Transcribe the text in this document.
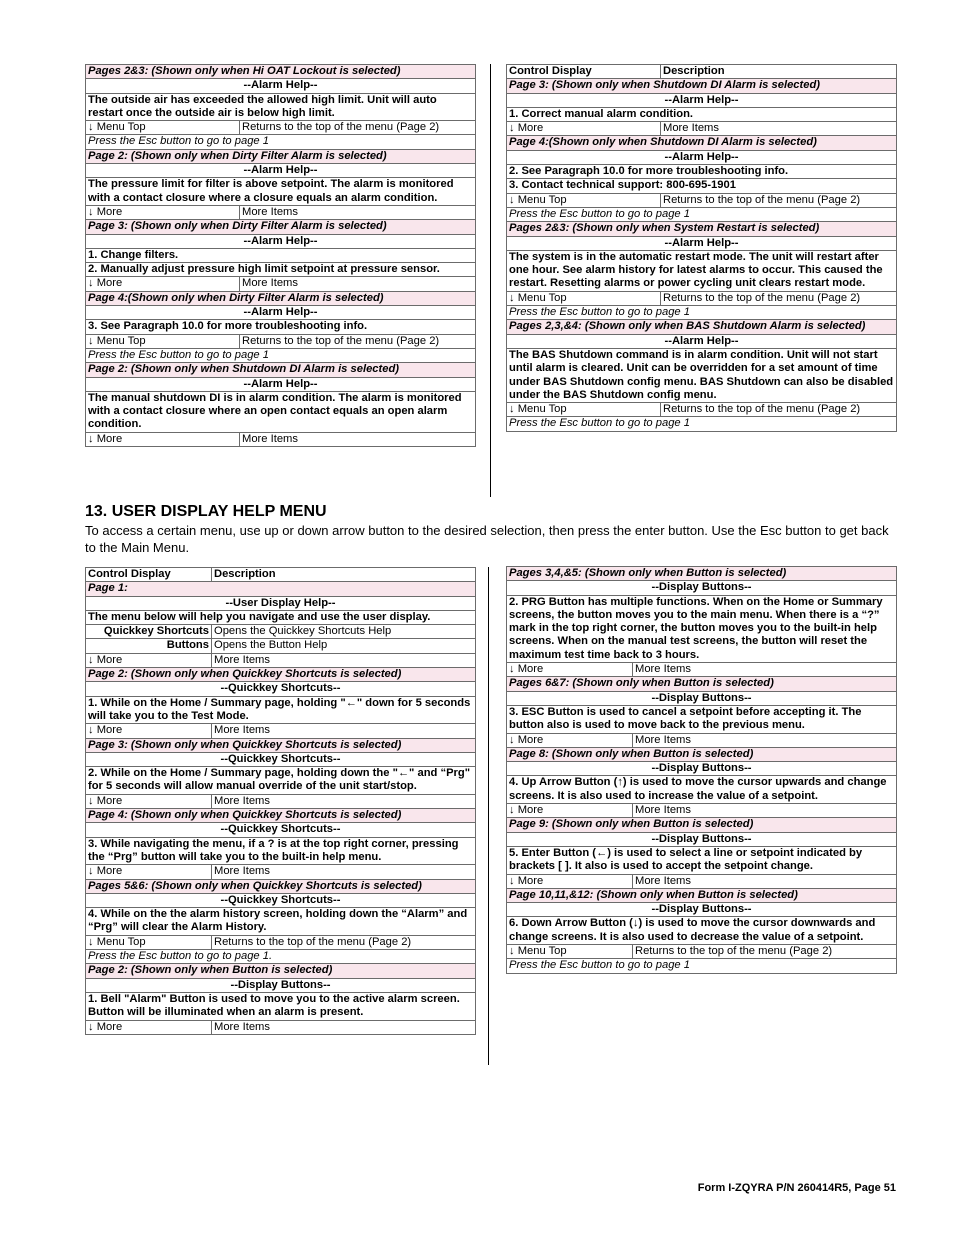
Pages 2&3: (Shown only when Hi OAT Lockout is selected)	
--Alarm Help--	
The outside air has exceeded the allowed high limit. Unit will auto restart once the outside air is below high limit.	
↓ Menu Top	Returns to the top of the menu (Page 2)
Press the Esc button to go to page 1	
Page 2: (Shown only when Dirty Filter Alarm is selected)	
--Alarm Help--	
The pressure limit for filter is above setpoint. The alarm is monitored with a contact closure where a closure equals an alarm condition.	
↓ More	More Items
Page 3: (Shown only when Dirty Filter Alarm is selected)	
--Alarm Help--	
1. Change filters.	
2. Manually adjust pressure high limit setpoint at pressure sensor.	
↓ More	More Items
Page 4:(Shown only when Dirty Filter Alarm is selected)	
--Alarm Help--	
3. See Paragraph 10.0 for more troubleshooting info.	
↓ Menu Top	Returns to the top of the menu (Page 2)
Press the Esc button to go to page 1	
Page 2: (Shown only when Shutdown DI Alarm is selected)	
--Alarm Help--	
The manual shutdown DI is in alarm condition. The alarm is monitored with a contact closure where an open contact equals an open alarm condition.	
↓ More	More Items
Control Display	Description
Page 3: (Shown only when Shutdown DI Alarm is selected)	
--Alarm Help--	
1. Correct manual alarm condition.	
↓ More	More Items
Page 4:(Shown only when Shutdown DI Alarm is selected)	
--Alarm Help--	
2. See Paragraph 10.0 for more troubleshooting info.	
3. Contact technical support: 800-695-1901	
↓ Menu Top	Returns to the top of the menu (Page 2)
Press the Esc button to go to page 1	
Pages 2&3: (Shown only when System Restart is selected)	
--Alarm Help--	
The system is in the automatic restart mode. The unit will restart after one hour. See alarm history for latest alarms to occur. This caused the restart. Resetting alarms or power cycling unit clears restart mode.	
↓ Menu Top	Returns to the top of the menu (Page 2)
Press the Esc button to go to page 1	
Pages 2,3,&4: (Shown only when BAS Shutdown Alarm is selected)	
--Alarm Help--	
The BAS Shutdown command is in alarm condition. Unit will not start until alarm is cleared. Unit can be overridden for a set amount of time under BAS Shutdown config menu. BAS Shutdown can also be disabled under the BAS Shutdown config menu.	
↓ Menu Top	Returns to the top of the menu (Page 2)
Press the Esc button to go to page 1	
13. USER DISPLAY HELP MENU

To access a certain menu, use up or down arrow button to the desired selection, then press the enter button. Use the Esc button to get back to the Main Menu.

Control Display	Description
Page 1:	
--User Display Help--	
The menu below will help you navigate and use the user display.	
Quickkey Shortcuts	Opens the Quickkey Shortcuts Help
Buttons	Opens the Button Help
↓ More	More Items
Page 2: (Shown only when Quickkey Shortcuts is selected)	
--Quickkey Shortcuts--	
1. While on the Home / Summary page, holding "←" down for 5 seconds will take you to the Test Mode.	
↓ More	More Items
Page 3: (Shown only when Quickkey Shortcuts is selected)	
--Quickkey Shortcuts--	
2. While on the Home / Summary page, holding down the "←" and “Prg" for 5 seconds will allow manual override of the unit start/stop.	
↓ More	More Items
Page 4: (Shown only when Quickkey Shortcuts is selected)	
--Quickkey Shortcuts--	
3. While navigating the menu, if a ? is at the top right corner, pressing the “Prg” button will take you to the built-in help menu.	
↓ More	More Items
Pages 5&6: (Shown only when Quickkey Shortcuts is selected)	
--Quickkey Shortcuts--	
4. While on the the alarm history screen, holding down the “Alarm” and “Prg” will clear the Alarm History.	
↓ Menu Top	Returns to the top of the menu (Page 2)
Press the Esc button to go to page 1.	
Page 2: (Shown only when Button is selected)	
--Display Buttons--	
1. Bell "Alarm" Button is used to move you to the active alarm screen. Button will be illuminated when an alarm is present.	
↓ More	More Items
Pages 3,4,&5: (Shown only when Button is selected)	
--Display Buttons--	
2. PRG Button has multiple functions. When on the Home or Summary screens, the button moves you to the main menu. When there is a “?” mark in the top right corner, the button moves you to the built-in help screens. When on the manual test screens, the button will reset the maximum test time back to 3 hours.	
↓ More	More Items
Pages 6&7: (Shown only when Button is selected)	
--Display Buttons--	
3. ESC Button is used to cancel a setpoint before accepting it. The button also is used to move back to the previous menu.	
↓ More	More Items
Page 8: (Shown only when Button is selected)	
--Display Buttons--	
4. Up Arrow Button (↑) is used to move the cursor upwards and change screens. It is also used to increase the value of a setpoint.	
↓ More	More Items
Page 9: (Shown only when Button is selected)	
--Display Buttons--	
5. Enter Button (←) is used to select a line or setpoint indicated by brackets [ ]. It also is used to accept the setpoint change.	
↓ More	More Items
Page 10,11,&12: (Shown only when Button is selected)	
--Display Buttons--	
6. Down Arrow Button (↓) is used to move the cursor downwards and change screens. It is also used to decrease the value of a setpoint.	
↓ Menu Top	Returns to the top of the menu (Page 2)
Press the Esc button to go to page 1	
Form I-ZQYRA P/N 260414R5, Page 51
